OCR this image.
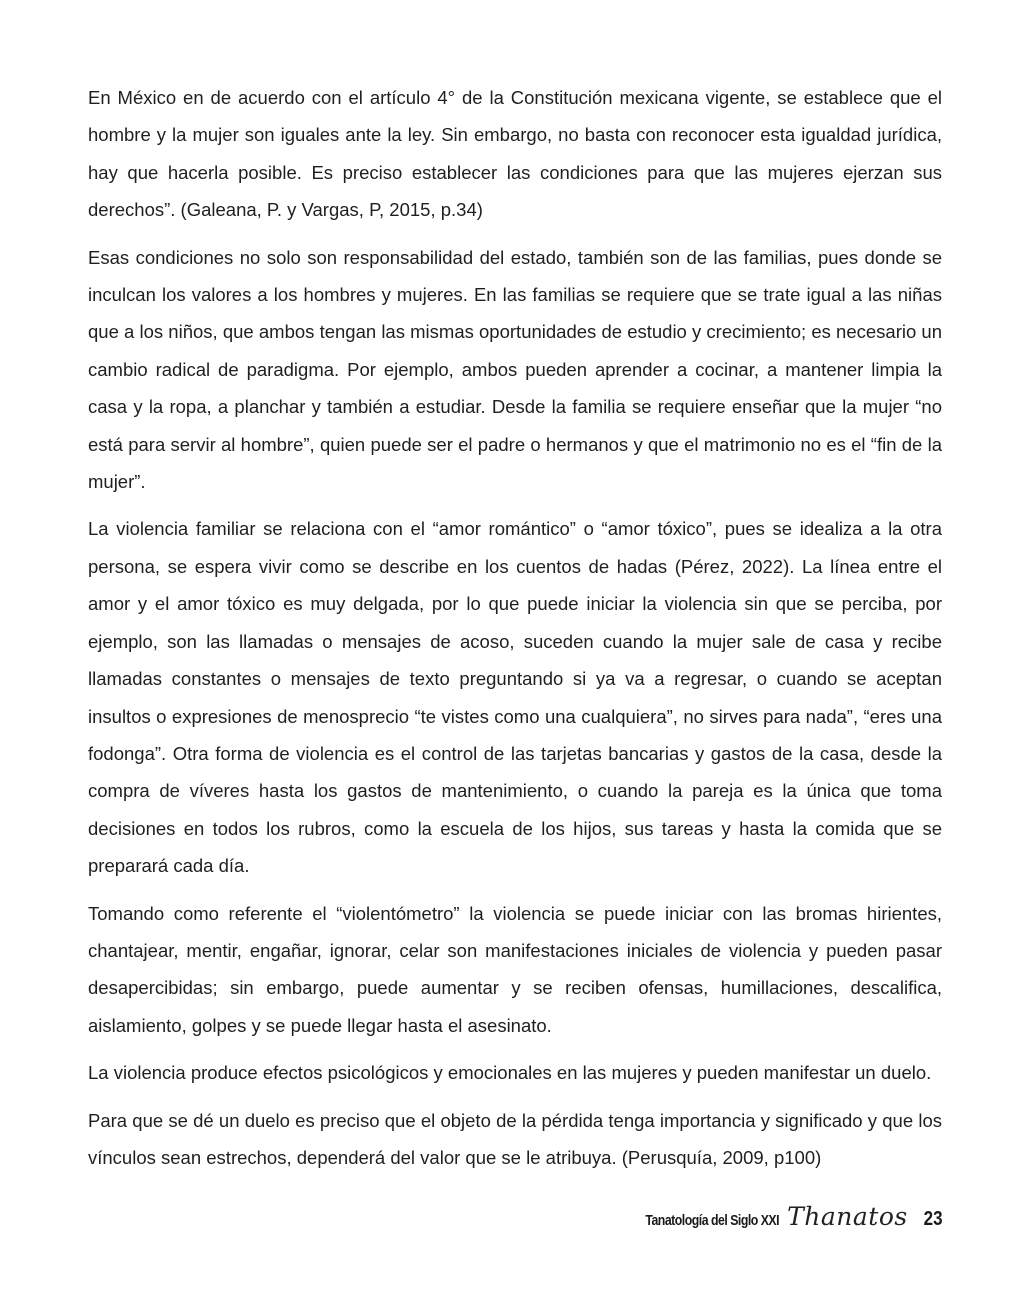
En México en de acuerdo con el artículo 4° de la Constitución mexicana vigente, se establece que el hombre y la mujer son iguales ante la ley. Sin embargo, no basta con reconocer esta igualdad jurídica, hay que hacerla posible. Es preciso establecer las condiciones para que las mujeres ejerzan sus derechos”. (Galeana, P. y Vargas, P, 2015, p.34)

Esas condiciones no solo son responsabilidad del estado, también son de las familias, pues donde se inculcan los valores a los hombres y mujeres. En las familias se requiere que se trate igual a las niñas que a los niños, que ambos tengan las mismas oportunidades de estudio y crecimiento; es necesario un cambio radical de paradigma. Por ejemplo, ambos pueden aprender a cocinar, a mantener limpia la casa y la ropa, a planchar y también a estudiar. Desde la familia se requiere enseñar que la mujer “no está para servir al hombre”, quien puede ser el padre o hermanos y que el matrimonio no es el “fin de la mujer”.

La violencia familiar se relaciona con el “amor romántico” o “amor tóxico”, pues se idealiza a la otra persona, se espera vivir como se describe en los cuentos de hadas (Pérez, 2022). La línea entre el amor y el amor tóxico es muy delgada, por lo que puede iniciar la violencia sin que se perciba, por ejemplo, son las llamadas o mensajes de acoso, suceden cuando la mujer sale de casa y recibe llamadas constantes o mensajes de texto preguntando si ya va a regresar, o cuando se aceptan insultos o expresiones de menosprecio “te vistes como una cualquiera”, no sirves para nada”, “eres una fodonga”. Otra forma de violencia es el control de las tarjetas bancarias y gastos de la casa, desde la compra de víveres hasta los gastos de mantenimiento, o cuando la pareja es la única que toma decisiones en todos los rubros, como la escuela de los hijos, sus tareas y hasta la comida que se preparará cada día.

Tomando como referente el “violentómetro” la violencia se puede iniciar con las bromas hirientes, chantajear, mentir, engañar, ignorar, celar son manifestaciones iniciales de violencia y pueden pasar desapercibidas; sin embargo, puede aumentar y se reciben ofensas, humillaciones, descalifica, aislamiento, golpes y se puede llegar hasta el asesinato.

La violencia produce efectos psicológicos y emocionales en las mujeres y pueden manifestar un duelo.

Para que se dé un duelo es preciso que el objeto de la pérdida tenga importancia y significado y que los vínculos sean estrechos, dependerá del valor que se le atribuya. (Perusquía, 2009, p100)

Tanatología del Siglo XXI Thanatos 23
